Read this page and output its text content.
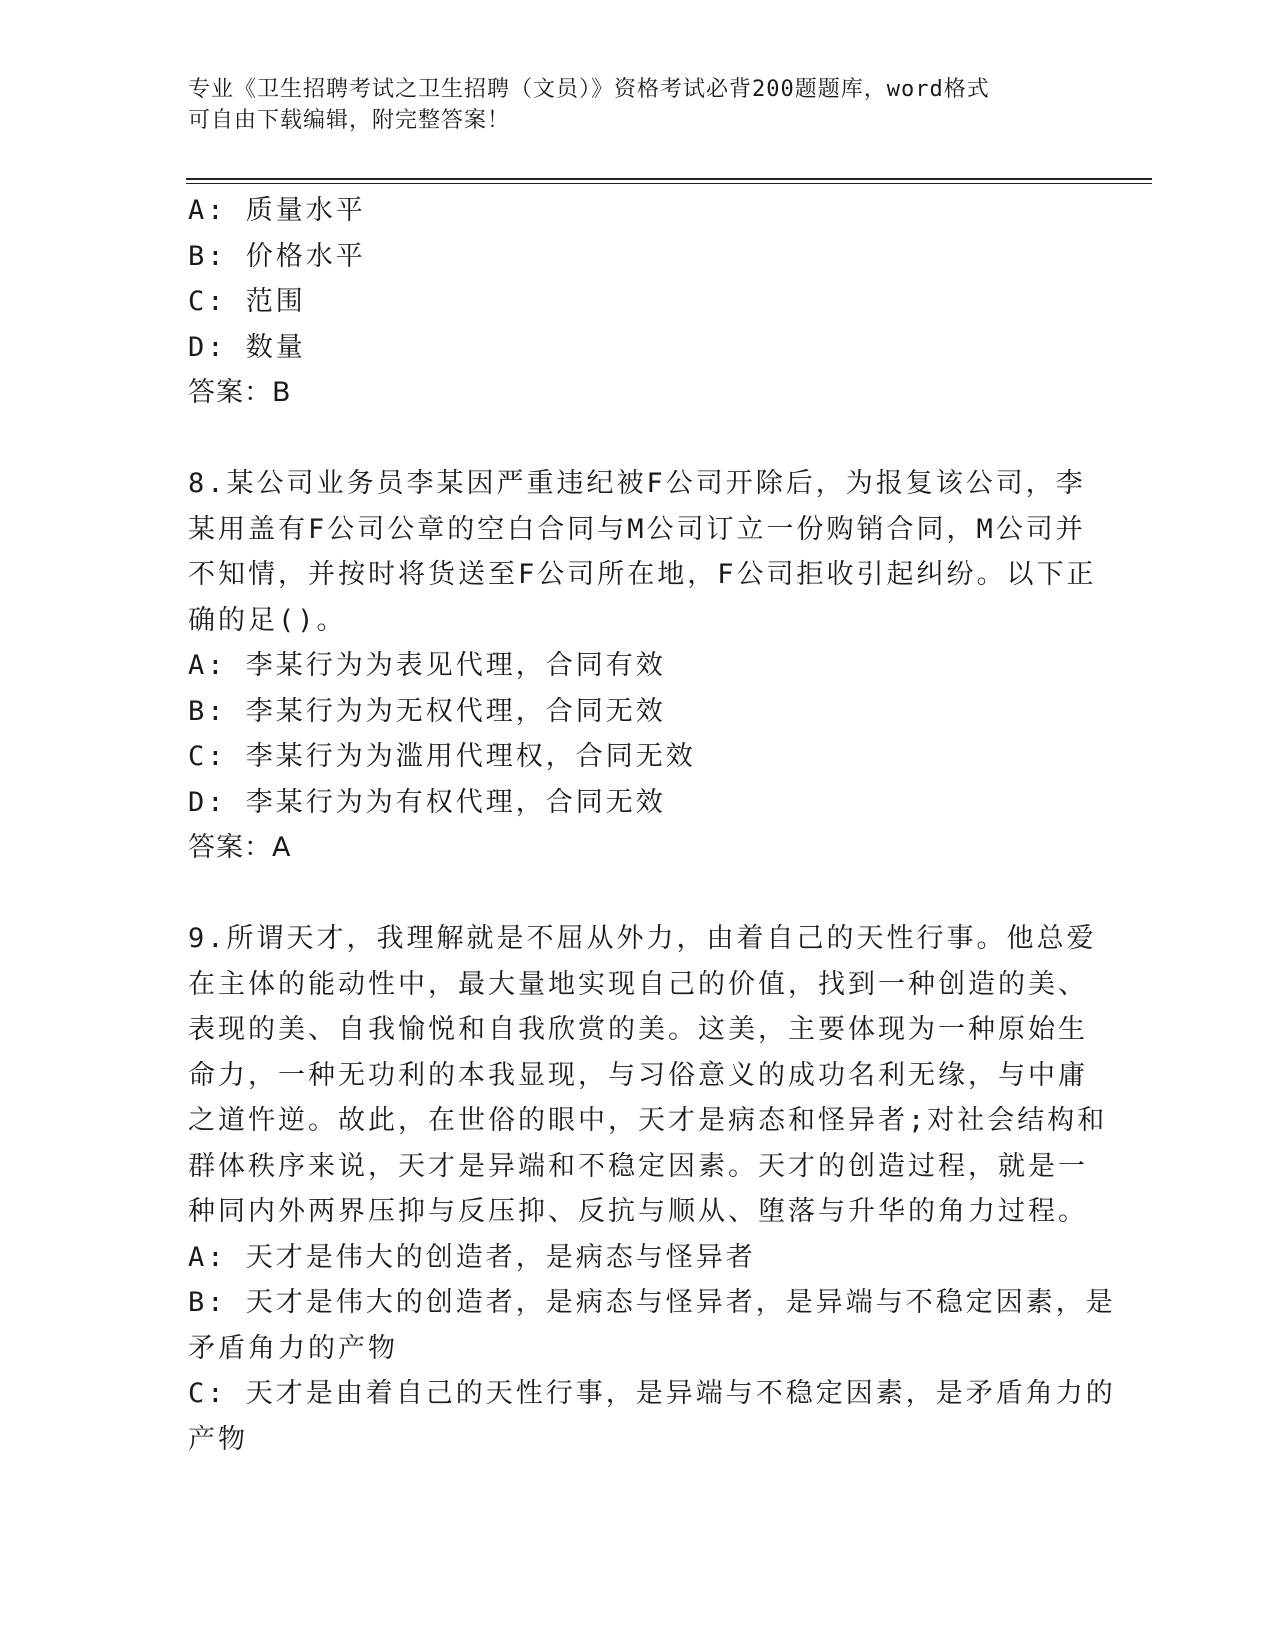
专业《卫生招聘考试之卫生招聘（文员）》资格考试必背200题题库，word格式
可自由下载编辑，附完整答案！
A: 质量水平
B: 价格水平
C: 范围
D: 数量
答案：B
8.某公司业务员李某因严重违纪被F公司开除后，为报复该公司，李
某用盖有F公司公章的空白合同与M公司订立一份购销合同，M公司并
不知情，并按时将货送至F公司所在地，F公司拒收引起纠纷。以下正
确的足()。
A: 李某行为为表见代理，合同有效
B: 李某行为为无权代理，合同无效
C: 李某行为为滥用代理权，合同无效
D: 李某行为为有权代理，合同无效
答案：A
9.所谓天才，我理解就是不屈从外力，由着自己的天性行事。他总爱
在主体的能动性中，最大量地实现自己的价值，找到一种创造的美、
表现的美、自我愉悦和自我欣赏的美。这美，主要体现为一种原始生
命力，一种无功利的本我显现，与习俗意义的成功名利无缘，与中庸
之道忤逆。故此，在世俗的眼中，天才是病态和怪异者;对社会结构和
群体秩序来说，天才是异端和不稳定因素。天才的创造过程，就是一
种同内外两界压抑与反压抑、反抗与顺从、堕落与升华的角力过程。
A: 天才是伟大的创造者，是病态与怪异者
B: 天才是伟大的创造者，是病态与怪异者，是异端与不稳定因素，是
矛盾角力的产物
C: 天才是由着自己的天性行事，是异端与不稳定因素，是矛盾角力的
产物
